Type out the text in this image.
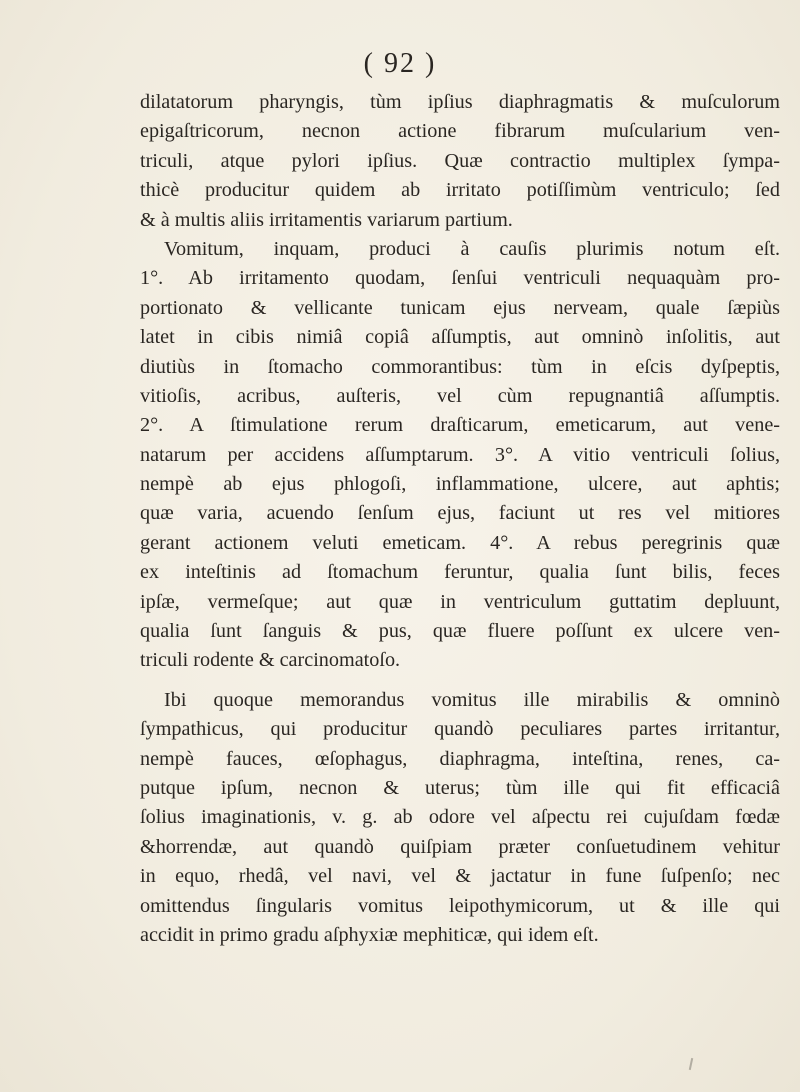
( 92 )
dilatatorum pharyngis, tùm ipſius diaphragmatis & muſculorum
epigaſtricorum, necnon actione fibrarum muſcularium ven-
triculi, atque pylori ipſius. Quæ contractio multiplex ſympa-
thicè producitur quidem ab irritato potiſſimùm ventriculo; ſed
& à multis aliis irritamentis variarum partium.
Vomitum, inquam, produci à cauſis plurimis notum eſt.
1°. Ab irritamento quodam, ſenſui ventriculi nequaquàm pro-
portionato & vellicante tunicam ejus nerveam, quale ſæpiùs
latet in cibis nimiâ copiâ aſſumptis, aut omninò inſolitis, aut
diutiùs in ſtomacho commorantibus: tùm in eſcis dyſpeptis,
vitioſis, acribus, auſteris, vel cùm repugnantiâ aſſumptis.
2°. A ſtimulatione rerum draſticarum, emeticarum, aut vene-
natarum per accidens aſſumptarum. 3°. A vitio ventriculi ſolius,
nempè ab ejus phlogoſi, inflammatione, ulcere, aut aphtis;
quæ varia, acuendo ſenſum ejus, faciunt ut res vel mitiores
gerant actionem veluti emeticam. 4°. A rebus peregrinis quæ
ex inteſtinis ad ſtomachum feruntur, qualia ſunt bilis, feces
ipſæ, vermeſque; aut quæ in ventriculum guttatim depluunt,
qualia ſunt ſanguis & pus, quæ fluere poſſunt ex ulcere ven-
triculi rodente & carcinomatoſo.
Ibi quoque memorandus vomitus ille mirabilis & omninò
ſympathicus, qui producitur quandò peculiares partes irritantur,
nempè fauces, œſophagus, diaphragma, inteſtina, renes, ca-
putque ipſum, necnon & uterus; tùm ille qui fit efficaciâ
ſolius imaginationis, v. g. ab odore vel aſpectu rei cujuſdam fœdæ
&horrendæ, aut quandò quiſpiam præter conſuetudinem vehitur
in equo, rhedâ, vel navi, vel & jactatur in fune ſuſpenſo; nec
omittendus ſingularis vomitus leipothymicorum, ut & ille qui
accidit in primo gradu aſphyxiæ mephiticæ, qui idem eſt.
